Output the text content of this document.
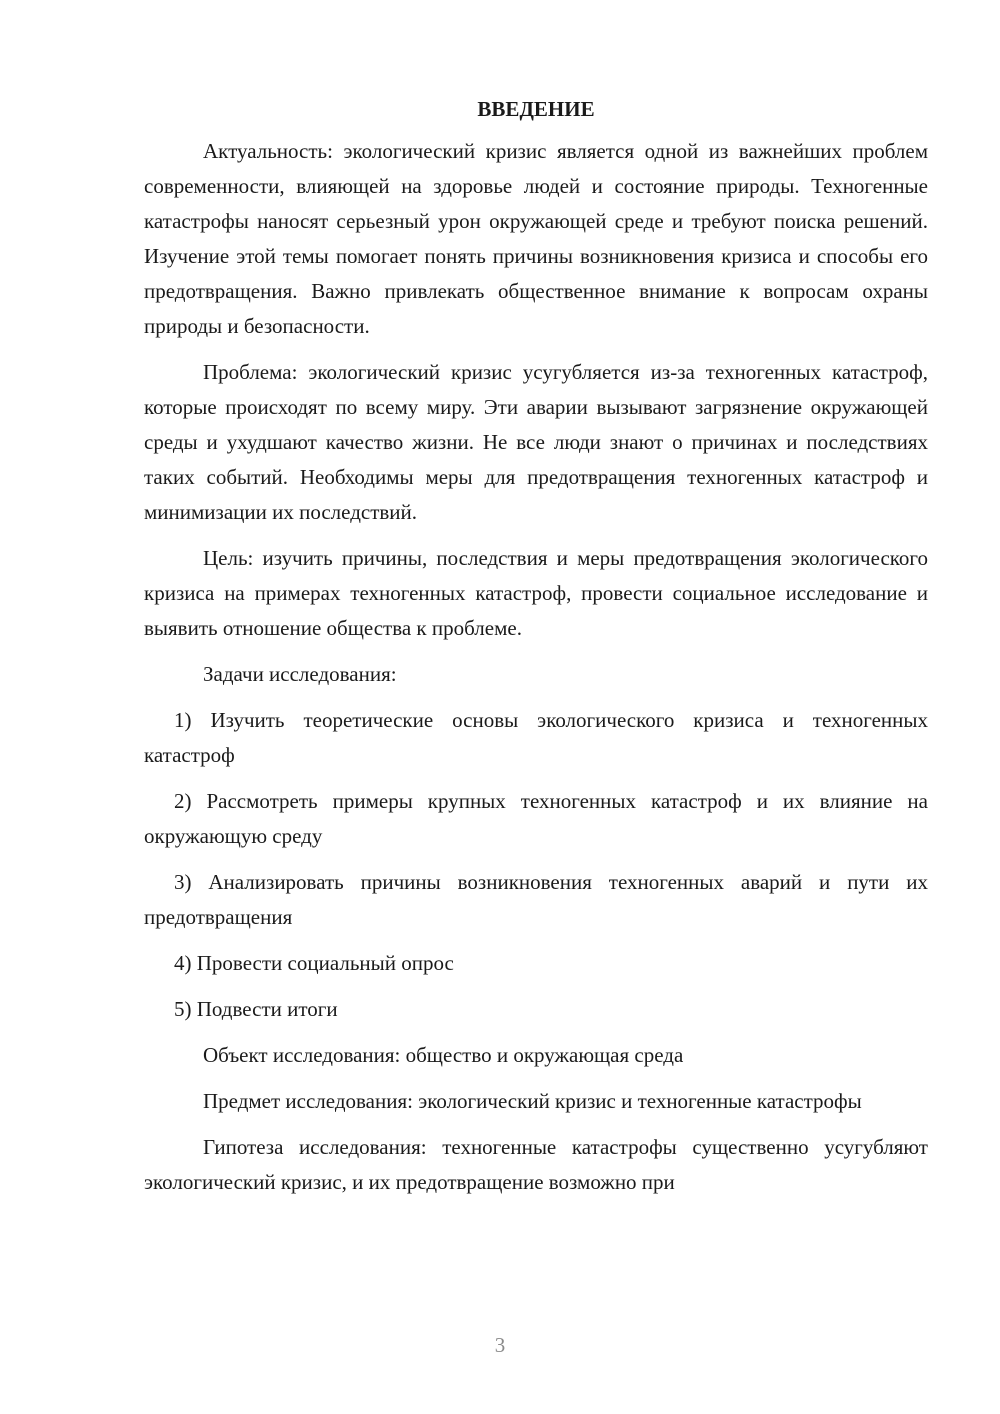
ВВЕДЕНИЕ

Актуальность: экологический кризис является одной из важнейших проблем современности, влияющей на здоровье людей и состояние природы. Техногенные катастрофы наносят серьезный урон окружающей среде и требуют поиска решений. Изучение этой темы помогает понять причины возникновения кризиса и способы его предотвращения. Важно привлекать общественное внимание к вопросам охраны природы и безопасности.

Проблема: экологический кризис усугубляется из-за техногенных катастроф, которые происходят по всему миру. Эти аварии вызывают загрязнение окружающей среды и ухудшают качество жизни. Не все люди знают о причинах и последствиях таких событий. Необходимы меры для предотвращения техногенных катастроф и минимизации их последствий.

Цель: изучить причины, последствия и меры предотвращения экологического кризиса на примерах техногенных катастроф, провести социальное исследование и выявить отношение общества к проблеме.

Задачи исследования:

1) Изучить теоретические основы экологического кризиса и техногенных катастроф

2) Рассмотреть примеры крупных техногенных катастроф и их влияние на окружающую среду

3) Анализировать причины возникновения техногенных аварий и пути их предотвращения

4) Провести социальный опрос

5) Подвести итоги

Объект исследования: общество и окружающая среда

Предмет исследования: экологический кризис и техногенные катастрофы

Гипотеза исследования: техногенные катастрофы существенно усугубляют экологический кризис, и их предотвращение возможно при

3
